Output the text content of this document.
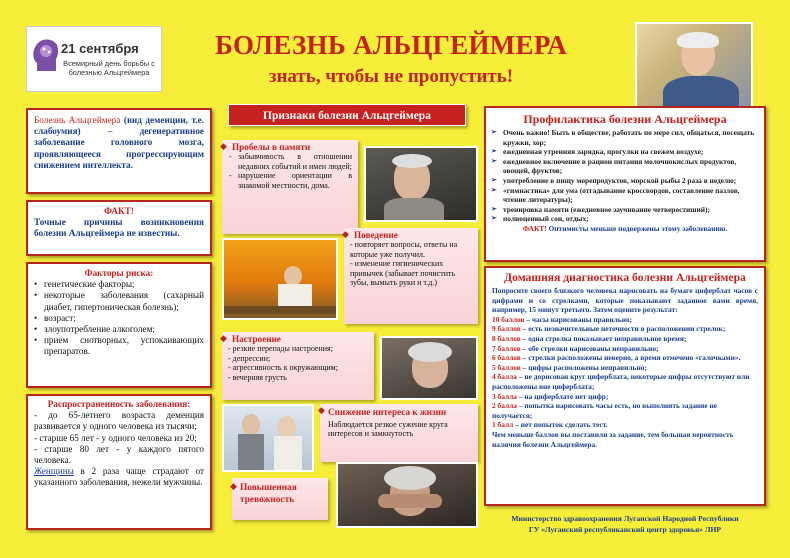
21 сентября
Всемирный день борьбы с болезнью Альцгеймера
БОЛЕЗНЬ АЛЬЦГЕЙМЕРА
знать, чтобы не пропустить!
Болезнь Альцгеймера (вид деменции, т.е. слабоумия) – дегенеративное заболевание головного мозга, проявляющееся прогрессирующим снижением интеллекта.
ФАКТ!
Точные причины возникновения болезни Альцгеймера не известны.
Факторы риска:
• генетические факторы;
• некоторые заболевания (сахарный диабет, гипертоническая болезнь);
• возраст;
• злоупотребление алкоголем;
• прием снотворных, успокаивающих препаратов.
Распространенность заболевания:
- до 65-летнего возраста деменция развивается у одного человека из тысячи;
- старше 65 лет - у одного человека из 20;
- старше 80 лет - у каждого пятого человека.
Женщины в 2 раза чаще страдают от указанного заболевания, нежели мужчины.
Признаки болезни Альцгеймера
◆ Пробелы в памяти
- забывчивость в отношении недавних событий и имен людей;
- нарушение ориентации в знакомой местности, дома.
◆ Поведение
- повторяет вопросы, ответы на которые уже получил.
- изменение гигиенических привычек (забывает почистить зубы, вымыть руки и т.д.)
◆ Настроение
- резкие перепады настроения;
- депрессии;
- агрессивность к окружающим;
- вечерняя грусть
◆ Снижение интереса к жизни
Наблюдается резкое сужение круга интересов и замкнутость
◆ Повышенная тревожность
Профилактика болезни Альцгеймера
➢ Очень важно! Быть в обществе, работать по мере сил, общаться, посещать кружки, хор;
➢ ежедневная утренняя зарядка, прогулки на свежем воздухе;
➢ ежедневное включение в рацион питания молочнокислых продуктов, овощей, фруктов;
➢ употребление в пищу морепродуктов, морской рыбы 2 раза в неделю;
➢ «гимнастика» для ума (отгадывание кроссвордов, составление пазлов, чтение литературы);
➢ тренировка памяти (ежедневное заучивание четверостиший);
➢ полноценный сон, отдых;
ФАКТ! Оптимисты меньше подвержены этому заболеванию.
Домашняя диагностика болезни Альцгеймера
Попросите своего близкого человека нарисовать на бумаге циферблат часов с цифрами и со стрелками, которые показывают заданное вами время, например, 15 минут третьего. Затем оцените результат:
10 баллов – часы нарисованы правильно;
9 баллов – есть незначительные неточности в расположении стрелок;
8 баллов – одна стрелка показывает неправильное время;
7 баллов – обе стрелки нарисованы неправильно;
6 баллов – стрелки расположены неверно, а время отмечено «галочками».
5 баллов – цифры расположены неправильно;
4 балла – не дорисован круг циферблата, некоторые цифры отсутствуют или расположены вне циферблата;
3 балла – на циферблате нет цифр;
2 балла – попытка нарисовать часы есть, но выполнить задание не получается;
1 балл – нет попыток сделать тест.
Чем меньше баллов вы поставили за задание, тем большая вероятность наличия болезни Альцгеймера.
Министерство здравоохранения Луганской Народной Республики
ГУ «Луганский республиканский центр здоровья» ЛНР
